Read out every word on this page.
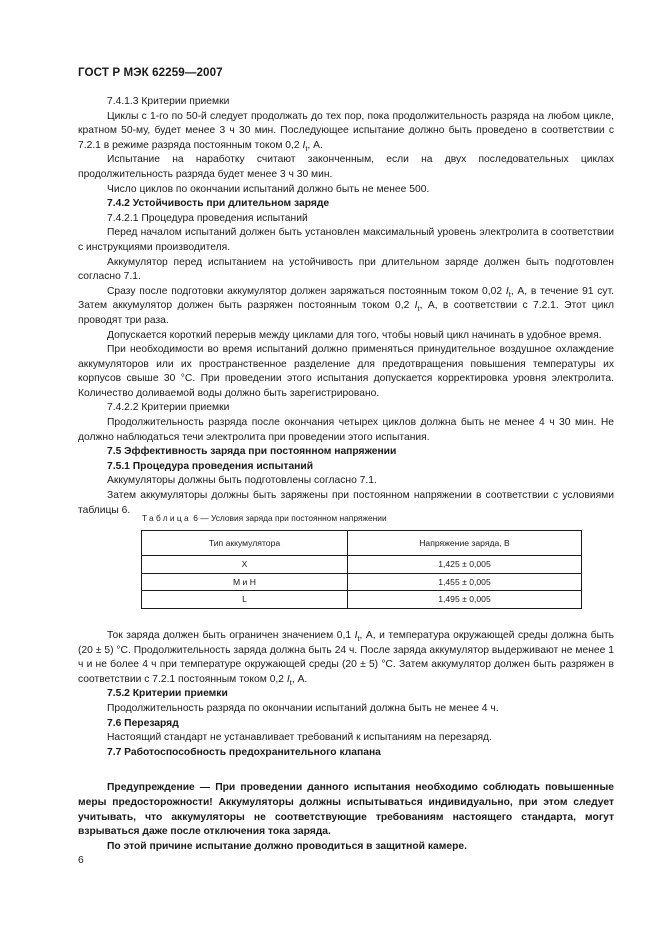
ГОСТ Р МЭК 62259—2007

7.4.1.3 Критерии приемки

Циклы с 1-го по 50-й следует продолжать до тех пор, пока продолжительность разряда на любом цикле, кратном 50-му, будет менее 3 ч 30 мин. Последующее испытание должно быть проведено в соответствии с 7.2.1 в режиме разряда постоянным током 0,2 $I_t$, А.

Испытание на наработку считают законченным, если на двух последовательных циклах продолжительность разряда будет менее 3 ч 30 мин.

Число циклов по окончании испытаний должно быть не менее 500.

7.4.2 Устойчивость при длительном заряде

7.4.2.1 Процедура проведения испытаний

Перед началом испытаний должен быть установлен максимальный уровень электролита в соответствии с инструкциями производителя.

Аккумулятор перед испытанием на устойчивость при длительном заряде должен быть подготовлен согласно 7.1.

Сразу после подготовки аккумулятор должен заряжаться постоянным током 0,02 $I_t$, А, в течение 91 сут. Затем аккумулятор должен быть разряжен постоянным током 0,2 $I_t$, А, в соответствии с 7.2.1. Этот цикл проводят три раза.

Допускается короткий перерыв между циклами для того, чтобы новый цикл начинать в удобное время.

При необходимости во время испытаний должно применяться принудительное воздушное охлаждение аккумуляторов или их пространственное разделение для предотвращения повышения температуры их корпусов свыше 30 °С. При проведении этого испытания допускается корректировка уровня электролита. Количество доливаемой воды должно быть зарегистрировано.

7.4.2.2 Критерии приемки

Продолжительность разряда после окончания четырех циклов должна быть не менее 4 ч 30 мин. Не должно наблюдаться течи электролита при проведении этого испытания.

7.5 Эффективность заряда при постоянном напряжении

7.5.1 Процедура проведения испытаний

Аккумуляторы должны быть подготовлены согласно 7.1.

Затем аккумуляторы должны быть заряжены при постоянном напряжении в соответствии с условиями таблицы 6.

Таблица 6 — Условия заряда при постоянном напряжении
Тип аккумулятора	Напряжение заряда, В
X	1,425 ± 0,005
M и H	1,455 ± 0,005
L	1,495 ± 0,005

Ток заряда должен быть ограничен значением 0,1 $I_t$, А, и температура окружающей среды должна быть (20 ± 5) °С. Продолжительность заряда должна быть 24 ч. После заряда аккумулятор выдерживают не менее 1 ч и не более 4 ч при температуре окружающей среды (20 ± 5) °С. Затем аккумулятор должен быть разряжен в соответствии с 7.2.1 постоянным током 0,2 $I_t$, А.

7.5.2 Критерии приемки

Продолжительность разряда по окончании испытаний должна быть не менее 4 ч.

7.6 Перезаряд

Настоящий стандарт не устанавливает требований к испытаниям на перезаряд.

7.7 Работоспособность предохранительного клапана

Предупреждение — При проведении данного испытания необходимо соблюдать повышенные меры предосторожности! Аккумуляторы должны испытываться индивидуально, при этом следует учитывать, что аккумуляторы не соответствующие требованиям настоящего стандарта, могут взрываться даже после отключения тока заряда.

По этой причине испытание должно проводиться в защитной камере.

6
